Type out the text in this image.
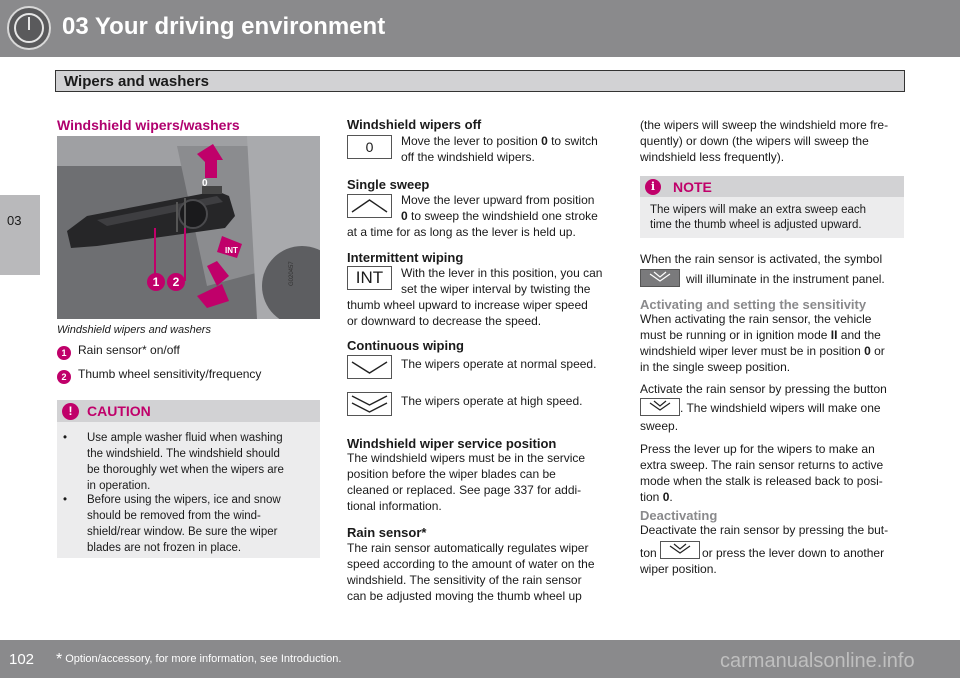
03 Your driving environment
Wipers and washers
03
Windshield wipers/washers
0
INT
1	2	G020457
Windshield wipers and washers
1 Rain sensor* on/off
2 Thumb wheel sensitivity/frequency
!	CAUTION
• Use ample washer fluid when washing
the windshield. The windshield should
be thoroughly wet when the wipers are
in operation.
• Before using the wipers, ice and snow
should be removed from the wind-
shield/rear window. Be sure the wiper
blades are not frozen in place.
Windshield wipers off
0	Move the lever to position 0 to switch
off the windshield wipers.
Single sweep
Move the lever upward from position
0 to sweep the windshield one stroke
at a time for as long as the lever is held up.
Intermittent wiping
INT	With the lever in this position, you can
set the wiper interval by twisting the
thumb wheel upward to increase wiper speed
or downward to decrease the speed.
Continuous wiping
The wipers operate at normal speed.
The wipers operate at high speed.
Windshield wiper service position
The windshield wipers must be in the service
position before the wiper blades can be
cleaned or replaced. See page 337 for addi-
tional information.
Rain sensor*
The rain sensor automatically regulates wiper
speed according to the amount of water on the
windshield. The sensitivity of the rain sensor
can be adjusted moving the thumb wheel up
(the wipers will sweep the windshield more fre-
quently) or down (the wipers will sweep the
windshield less frequently).
i	NOTE
The wipers will make an extra sweep each
time the thumb wheel is adjusted upward.
When the rain sensor is activated, the symbol
will illuminate in the instrument panel.
Activating and setting the sensitivity
When activating the rain sensor, the vehicle
must be running or in ignition mode II and the
windshield wiper lever must be in position 0 or
in the single sweep position.
Activate the rain sensor by pressing the button
. The windshield wipers will make one
sweep.
Press the lever up for the wipers to make an
extra sweep. The rain sensor returns to active
mode when the stalk is released back to posi-
tion 0.
Deactivating
Deactivate the rain sensor by pressing the but-
ton	or press the lever down to another
wiper position.
102 * Option/accessory, for more information, see Introduction.	carmanualsonline.info
